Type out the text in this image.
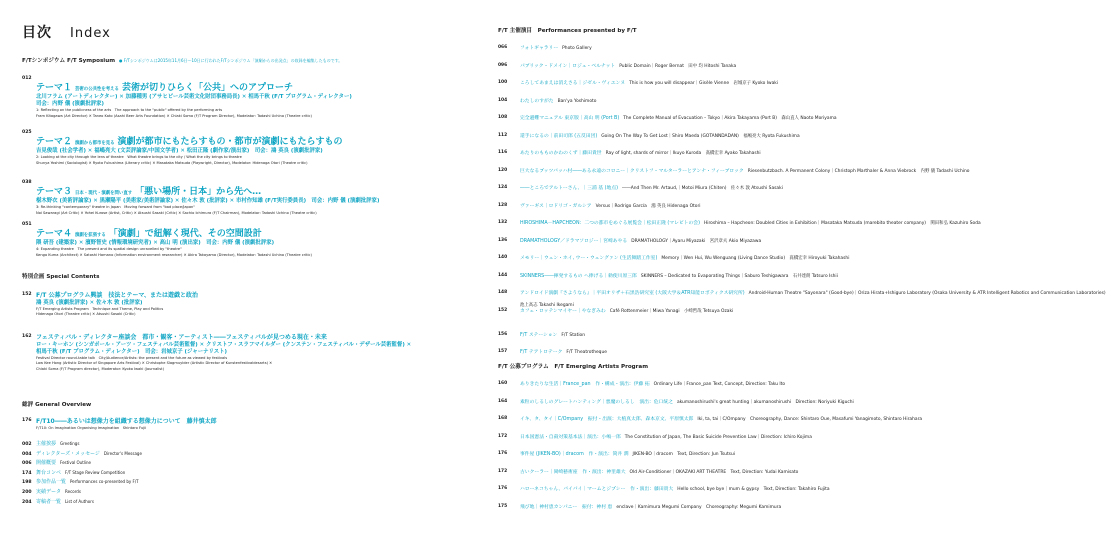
目次 Index
F/Tシンポジウム F/T Symposium ● F/Tシンポジウムは2015年11月6日〜10日に行われたF/Tシンポジウム「演劇からの出発点」の収録を編集したものです。
012
テーマ１ 芸術の公共性を考える 芸術が切りひらく「公共」へのアプローチ
北川フラム (アートディレクター) ✕ 加藤種男 (アサヒビール芸術文化財団事務局長) ✕ 相馬千秋 (F/T プログラム・ディレクター)
司会：内野 儀 (演劇批評家)
1: Reflecting on the publicness of the arts　The approach to the "public" offered by the performing arts
Fram Kitagawa (Art Director) ✕ Taneo Kato (Asahi Beer Arts Foundation) ✕ Chiaki Soma (F/T Program Director), Modelator: Tadashi Uchino (Theatre critic)
025
テーマ２ 演劇から都市を見る 演劇が都市にもたらすもの・都市が演劇にもたらすもの
吉見俊哉 (社会学者) ✕ 福嶋亮大 (文芸評論家/中国文学者) ✕ 松田正隆 (劇作家/演出家)　司会：鴻 英良 (演劇批評家)
2: Looking at the city through the lens of theatre　What theatre brings to the city / What the city brings to theatre
Shunya Yoshimi (Sociologist) ✕ Ryota Fukushima (Literary critic) ✕ Masataka Matsuda (Playwright, Director), Modelator: Hidenaga Otori (Theatre critic)
038
テーマ３ 日本・現代・演劇を問い直す 「悪い場所・日本」から先へ…
椹木野衣 (美術評論家) ✕ 黒瀬陽平 (美術家/美術評論家) ✕ 佐々木 敦 (批評家) ✕ 市村作知雄 (F/T実行委員長)　司会：内野 儀 (演劇批評家)
3: Re-thinking "contemporary" theatre in Japan　Moving forward from "bad place/Japan"
Noi Sawaragi (Art Critic) ✕ Yohei Kurose (Artist, Critic) ✕ Atsushi Sasaki (Critic) ✕ Sachio Ichimura (F/T Chairman), Modelator: Tadashi Uchino (Theatre critic)
051
テーマ４ 演劇を拡張する 「演劇」で紐解く現代、その空間設計
隈 研吾 (建築家) ✕ 濱野智史 (情報環境研究者) ✕ 高山 明 (演出家)　司会：内野 儀 (演劇批評家)
4: Expanding theatre　The present and its spatial design unravelled by "theatre"
Kengo Kuma (Architect) ✕ Satoshi Hamano (Information environment researcher) ✕ Akira Takayama (Director), Modelator: Tadashi Uchino (Theatre critic)
特別企画 Special Contents
152 F/T 公募プログラム興談　技法とテーマ、または遊戯と政治
鴻 英良 (演劇批評家) ✕ 佐々木 敦 (批評家)
F/T Emerging Artists Program　Technique and Theme, Play and Politics
Hidenaga Otori (Theatre critic) ✕ Atsushi Sasaki (Critic)
162 フェスティバル・ディレクター座談会　都市・観客・アーティスト――フェスティバルが見つめる現在・未来
ロー・キーホン (シンガポール・アーツ・フェスティバル芸術監督) ✕ クリストフ・スラフマイルダー (クンステン・フェスティバル・デザール芸術監督) ✕
相馬千秋 (F/T プログラム・ディレクター)　司会：岩城京子 (ジャーナリスト)
Festival Director round-table talk　City/Audience/Artists: the present and the future as viewed by festivals
Low Kee Hong (Artistic Director of Singapore Arts Festival) ✕ Christophe Slagmuylder (Artistic Director of Kunstenfestivaldesarts) ✕
Chiaki Soma (F/T Program director), Moderator: Kyoko Iwaki (Journalist)
総評 General Overview
176 F/T10――あるいは想像力を組織する想像力について　藤井慎太郎
F/T10: On Imagination Organising Imagination　Shintaro Fujii
002 主催挨拶 Greetings
004 ディレクターズ・メッセージ Director's Message
006 開催概要 Festival Outline
174 舞台コンペ F/T Stage Review Competition
198 参加作品一覧 Performances co-presented by F/T
200 実績データ Records
204 寄稿者一覧 List of Authors
F/T 主催演目　Performances presented by F/T
066	フォトギャラリー Photo Gallery
096	パブリック・ドメイン｜ロジェ・ベルナット Public Domain｜Roger Bernat　田中 均 Hitoshi Tanaka
100	ころしてあまえは消えさる｜ジゼル・ヴィエンヌ This is how you will disappear｜Gisèle Vienne　岩城京子 Kyoko Iwaki
104	わたしのすがた Ban'ya Yoshimoto
108	完全避難マニュアル 東京版｜高山 明 (Port B) The Complete Manual of Evacuation – Tokyo｜Akira Takayama (Port B)　森山直人 Naoto Moriyama
112	還手になるの｜前田司郎 (五反田団) Going On The Way To Get Lost｜Shiro Maeda (GOTANNDADAN)　福嶋亮大 Ryota Fukushima
116	あたりのもものかわのくず｜藤田貴世 Ray of light, shards of mirror｜Ikuyo Kuroda　髙橋宏幸 Ayako Takahashi
120	巨大なるブッツバッハ村――ある永遠のコロニー｜クリストフ・マルターラーとアンナ・フィーブロック Riesenbutzbach. A Permanent Colony｜Christoph Marthaler & Anna Viebrock　内野 儀 Tadashi Uchino
124	――ところでアルトーさん、｜三浦 基 (地点) ――And Then Mr. Artaud,｜Motoi Miura (Chiten)　佐々木 敦 Atsushi Sasaki
128	ヴァーギス｜ロドリゴ・ガルシア Versus｜Rodrigo García　鴻 英良 Hidenaga Otori
132	HIROSHIMA－HAPCHEON：二つの都市をめぐる展覧会｜松田正隆 (マレビトの会) Hiroshima – Hapcheon: Doubled Cities in Exhibition｜Masataka Matsuda (marebito theater company)　関田和弘 Kazuhiro Soda
136	DRAMATHOLOGY／ドラマソロジー｜宮崎あやる DRAMATHOLOGY｜Ayaru Miyazaki　宮沢章夫 Akio Miyazawa
140	メモリー｜ウェン・ホイ, ウー・ウェングァン (生活舞踏工作室) Memory｜Wen Hui, Wu Wenguang (Living Dance Studio)　髙橋宏幸 Hiroyuki Takahashi
144	SKINNERS――揮発するもの へ捧げる｜勅使川原三郎 SKINNERS – Dedicated to Evaporating Things｜Saburo Teshigawara　石井達朗 Tatsuro Ishii
148	アンドロイド演劇『さようなら』｜平田オリザ＋石黒浩研究室 (大阪大学＆ATR知能ロボティクス研究所) Android-Human Theatre "Sayonara" (Good-bye)｜Oriza Hirata+Ishiguro Laboratory (Osaka University & ATR Intelligent Robotics and Communication Laboratories)
池上高志 Takashi Ikegami
152	カフェ・ロッテンマイヤー｜やなぎみわ Café Rottenmeier｜Miwa Yanagi　小崎哲哉 Tetsuya Ozaki
156	F/T ステーション F/T Station
157	F/T テアトロテーク F/T Theatrotheque
F/T 公募プログラム　F/T Emerging Artists Program
160	ありきたりな生活｜France_pan　作・構成・演出：伊藤 拓 Ordinary Life｜France_pan Text, Concept, Direction: Taku Ito
164	素粒のしるしのグレートハンティング｜悪魔のしるし　演出：危口統之 akumanoshirushi's great hunting｜akumanoshirushi　Direction: Noriyuki Kiguchi
168	イキ、タ、タイ｜C/Ompany　振付・出演：大植真太郎、森本京文、平原慎太郎 Iki, ta, tai｜C/Ompany　Choreography, Dance: Shintaro Oue, Masafumi Yanagimoto, Shintaro Hirahara
172	日本国憲法・自殺対策基本法｜演出：小嶋一郎 The Constitution of Japan, The Basic Suicide Prevention Law｜Direction: Ichiro Kojima
176	事件屋 (JIKEN-BO)｜dracom　作・演出：筒井 潤 JIKEN-BO｜dracom　Text, Direction: Jun Tsutsui
172	古いクーラー｜岡崎藝術座　作・演出：神里雄大 Old Air-Conditioner｜OKAZAKI ART THEATRE　Text, Direction: Yudai Kamisato
176	ハローネコちゃん、バイバイ｜マームとジプシー　作・演出：藤田貴大 Hello school, bye bye｜mum & gypsy　Text, Direction: Takahiro Fujita
175	飛び地｜神村恵カンパニー　振付：神村 恵 enclave｜Kamimura Megumi Company　Choreography: Megumi Kamimura
